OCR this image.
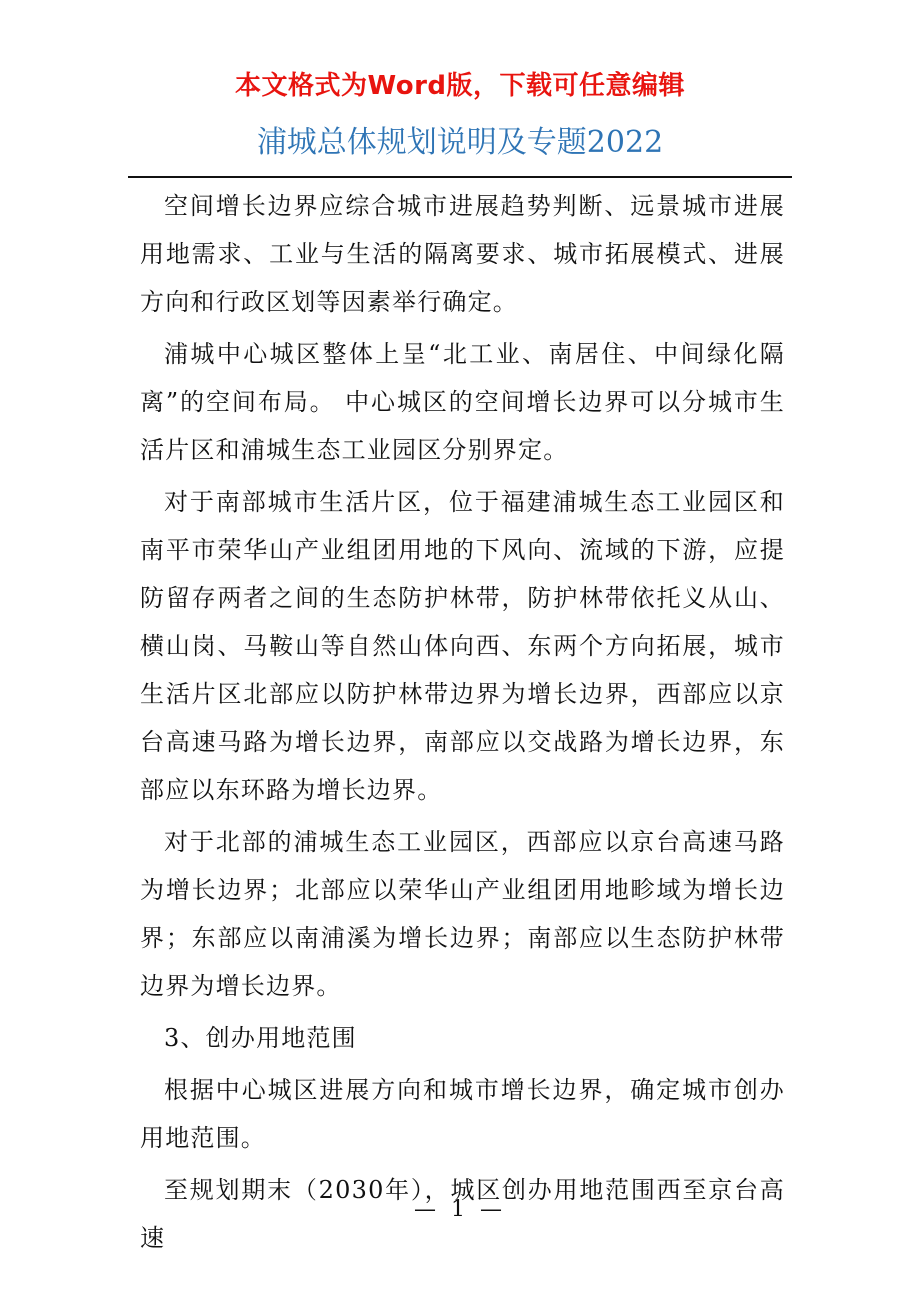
本文格式为Word版，下载可任意编辑
浦城总体规划说明及专题2022

空间增长边界应综合城市进展趋势判断、远景城市进展用地需求、工业与生活的隔离要求、城市拓展模式、进展方向和行政区划等因素举行确定。

浦城中心城区整体上呈“北工业、南居住、中间绿化隔离”的空间布局。 中心城区的空间增长边界可以分城市生活片区和浦城生态工业园区分别界定。

对于南部城市生活片区，位于福建浦城生态工业园区和南平市荣华山产业组团用地的下风向、流域的下游，应提防留存两者之间的生态防护林带，防护林带依托义从山、横山岗、马鞍山等自然山体向西、东两个方向拓展，城市生活片区北部应以防护林带边界为增长边界，西部应以京台高速马路为增长边界，南部应以交战路为增长边界，东部应以东环路为增长边界。

对于北部的浦城生态工业园区，西部应以京台高速马路为增长边界；北部应以荣华山产业组团用地畛域为增长边界；东部应以南浦溪为增长边界；南部应以生态防护林带边界为增长边界。

3、创办用地范围

根据中心城区进展方向和城市增长边界，确定城市创办用地范围。

至规划期末（2030年），城区创办用地范围西至京台高速

— 1 —
